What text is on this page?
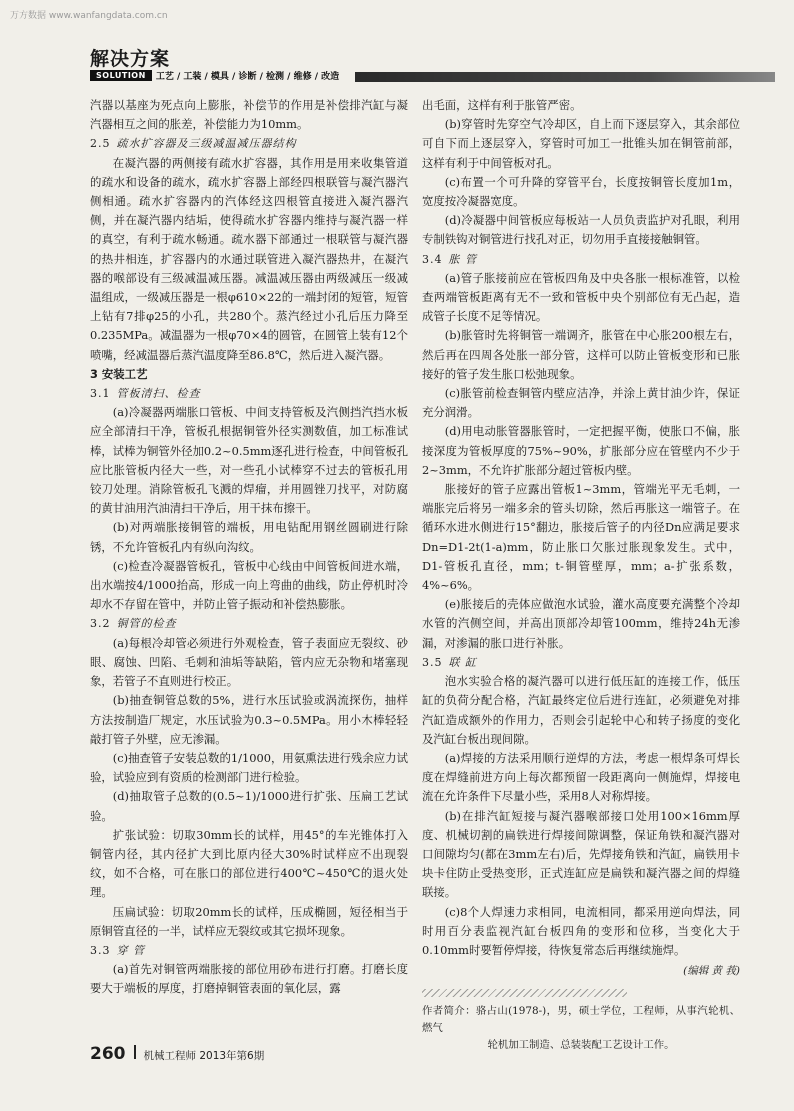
万方数据 www.wanfangdata.com.cn
解决方案
SOLUTION	工艺 / 工装 / 模具 / 诊断 / 检测 / 维修 / 改造

汽器以基座为死点向上膨胀，补偿节的作用是补偿排汽缸与凝汽器相互之间的胀差，补偿能力为10mm。

2.5 疏水扩容器及三级减温减压器结构

在凝汽器的两侧接有疏水扩容器，其作用是用来收集管道的疏水和设备的疏水，疏水扩容器上部经四根联管与凝汽器汽侧相通。疏水扩容器内的汽体经这四根管直接进入凝汽器汽侧，并在凝汽器内结垢，使得疏水扩容器内维持与凝汽器一样的真空，有利于疏水畅通。疏水器下部通过一根联管与凝汽器的热井相连，扩容器内的水通过联管进入凝汽器热井，在凝汽器的喉部设有三级减温减压器。减温减压器由两级减压一级减温组成，一级减压器是一根φ610×22的一端封闭的短管，短管上钻有7排φ25的小孔，共280个。蒸汽经过小孔后压力降至0.235MPa。减温器为一根φ70×4的圆管，在圆管上装有12个喷嘴，经减温器后蒸汽温度降至86.8℃，然后进入凝汽器。

3 安装工艺
3.1 管板清扫、检查

(a)冷凝器两端胀口管板、中间支持管板及汽侧挡汽挡水板应全部清扫干净，管板孔根据铜管外径实测数值，加工标准试棒，试棒为铜管外径加0.2~0.5mm逐孔进行检查，中间管板孔应比胀管板内径大一些，对一些孔小试棒穿不过去的管板孔用铰刀处理。消除管板孔飞溅的焊瘤，并用圆锉刀找平，对防腐的黄甘油用汽油清扫干净后，用干抹布擦干。

(b)对两端胀接铜管的端板，用电钻配用钢丝圆刷进行除锈，不允许管板孔内有纵向沟纹。

(c)检查冷凝器管板孔，管板中心线由中间管板间进水端，出水端按4/1000抬高，形成一向上弯曲的曲线，防止停机时冷却水不存留在管中，并防止管子振动和补偿热膨胀。

3.2 铜管的检查

(a)每根冷却管必须进行外观检查，管子表面应无裂纹、砂眼、腐蚀、凹陷、毛刺和油垢等缺陷，管内应无杂物和堵塞现象，若管子不直则进行校正。

(b)抽查铜管总数的5%，进行水压试验或涡流探伤，抽样方法按制造厂规定，水压试验为0.3~0.5MPa。用小木棒轻轻敲打管子外壁，应无渗漏。

(c)抽查管子安装总数的1/1000，用氨熏法进行残余应力试验，试验应到有资质的检测部门进行检验。

(d)抽取管子总数的(0.5~1)/1000进行扩张、压扁工艺试验。

扩张试验：切取30mm长的试样，用45°的车光锥体打入铜管内径，其内径扩大到比原内径大30%时试样应不出现裂纹，如不合格，可在胀口的部位进行400℃~450℃的退火处理。

压扁试验：切取20mm长的试样，压成椭圆，短径相当于原铜管直径的一半，试样应无裂纹或其它损坏现象。

3.3 穿 管

(a)首先对铜管两端胀接的部位用砂布进行打磨。打磨长度要大于端板的厚度，打磨掉铜管表面的氧化层，露

出毛面，这样有利于胀管严密。

(b)穿管时先穿空气冷却区，自上而下逐层穿入，其余部位可自下而上逐层穿入，穿管时可加工一批锥头加在铜管前部，这样有利于中间管板对孔。

(c)布置一个可升降的穿管平台，长度按铜管长度加1m，宽度按冷凝器宽度。

(d)冷凝器中间管板应每板站一人员负责监护对孔眼，利用专制铁钩对铜管进行找孔对正，切勿用手直接接触铜管。

3.4 胀 管

(a)管子胀接前应在管板四角及中央各胀一根标准管，以检查两端管板距离有无不一致和管板中央个别部位有无凸起，造成管子长度不足等情况。

(b)胀管时先将铜管一端调齐，胀管在中心胀200根左右，然后再在四周各处胀一部分管，这样可以防止管板变形和已胀接好的管子发生胀口松弛现象。

(c)胀管前检查铜管内壁应洁净，并涂上黄甘油少许，保证充分润滑。

(d)用电动胀管器胀管时，一定把握平衡，使胀口不偏，胀接深度为管板厚度的75%~90%，扩胀部分应在管壁内不少于2~3mm，不允许扩胀部分超过管板内壁。

胀接好的管子应露出管板1~3mm，管端光平无毛刺，一端胀完后将另一端多余的管头切除，然后再胀这一端管子。在循环水进水侧进行15°翻边，胀接后管子的内径Dn应满足要求Dn=D1-2t(1-a)mm，防止胀口欠胀过胀现象发生。式中，D1-管板孔直径，mm；t-铜管壁厚，mm；a-扩张系数，4%~6%。

(e)胀接后的壳体应做泡水试验，灌水高度要充满整个冷却水管的汽侧空间，并高出顶部冷却管100mm，维持24h无渗漏，对渗漏的胀口进行补胀。

3.5 联 缸

泡水实验合格的凝汽器可以进行低压缸的连接工作，低压缸的负荷分配合格，汽缸最终定位后进行连缸，必须避免对排汽缸造成额外的作用力，否则会引起轮中心和转子扬度的变化及汽缸台板出现间隙。

(a)焊接的方法采用顺行逆焊的方法，考虑一根焊条可焊长度在焊缝前进方向上每次都预留一段距离向一侧施焊，焊接电流在允许条件下尽量小些，采用8人对称焊接。

(b)在排汽缸短接与凝汽器喉部接口处用100×16mm厚度、机械切割的扁铁进行焊接间隙调整，保证角铁和凝汽器对口间隙均匀(都在3mm左右)后，先焊接角铁和汽缸，扁铁用卡块卡住防止受热变形，正式连缸应是扁铁和凝汽器之间的焊缝联接。

(c)8个人焊速力求相同，电流相同，都采用逆向焊法，同时用百分表监视汽缸台板四角的变形和位移，当变化大于0.10mm时要暂停焊接，待恢复常态后再继续施焊。

(编辑 黄 莪)

作者简介：骆占山(1978-)，男，硕士学位，工程师，从事汽轮机、燃气
轮机加工制造、总装装配工艺设计工作。

260 机械工程师 2013年第6期
